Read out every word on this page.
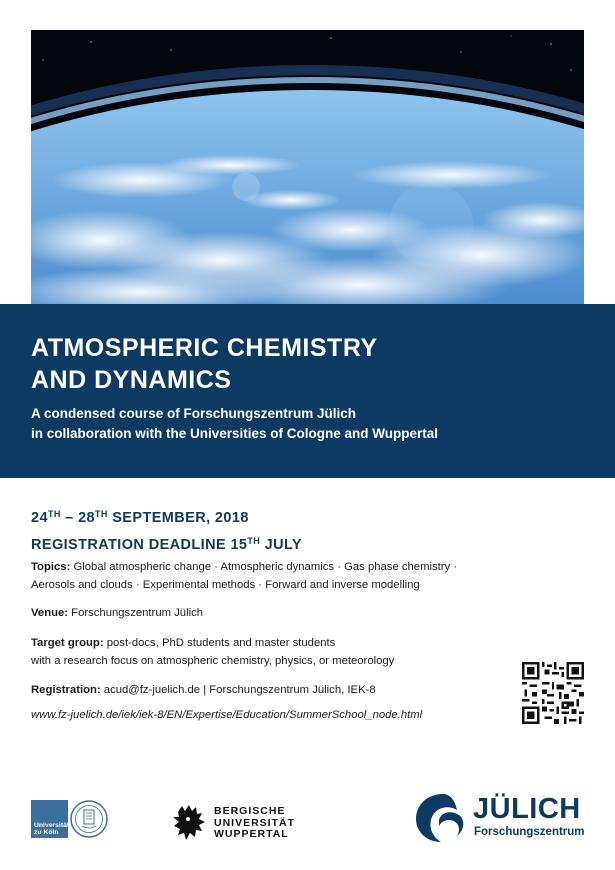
ATMOSPHERIC CHEMISTRY
AND DYNAMICS
A condensed course of Forschungszentrum Jülich
in collaboration with the Universities of Cologne and Wuppertal
24TH – 28TH SEPTEMBER, 2018
REGISTRATION DEADLINE 15TH JULY
Topics: Global atmospheric change · Atmospheric dynamics · Gas phase chemistry ·
Aerosols and clouds · Experimental methods · Forward and inverse modelling
Venue: Forschungszentrum Jülich
Target group: post-docs, PhD students and master students
with a research focus on atmospheric chemistry, physics, or meteorology
Registration: acud@fz-juelich.de | Forschungszentrum Jülich, IEK-8
www.fz-juelich.de/iek/iek-8/EN/Expertise/Education/SummerSchool_node.html
Universität
zu Köln
BERGISCHE
UNIVERSITÄT
WUPPERTAL
JÜLICH
Forschungszentrum
